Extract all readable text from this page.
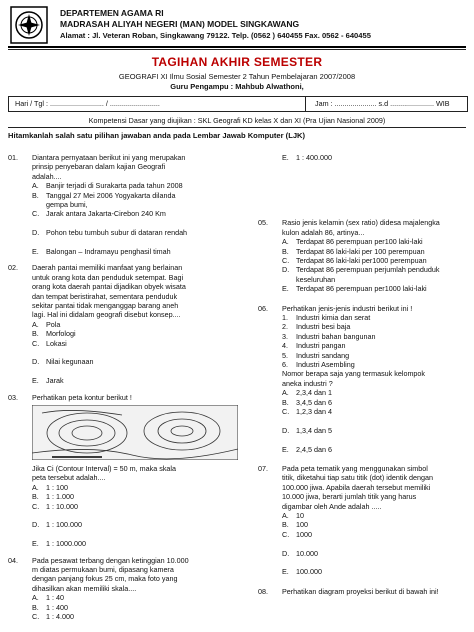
DEPARTEMEN AGAMA RI
MADRASAH ALIYAH NEGERI (MAN) MODEL SINGKAWANG
Alamat : Jl. Veteran Roban, Singkawang 79122. Telp. (0562 ) 640455 Fax. 0562 - 640455
TAGIHAN AKHIR SEMESTER
GEOGRAFI XI Ilmu Sosial Semester 2 Tahun Pembelajaran 2007/2008
Guru Pengampu : Mahbub Alwathoni,
Hari / Tgl : ........................... / .........................	Jam : ..................... s.d ...................... WIB
Kompetensi Dasar yang diujikan : SKL Geografi KD kelas X dan XI (Pra Ujian Nasional 2009)
Hitamkanlah salah satu pilihan jawaban anda pada Lembar Jawab Komputer (LJK)
01. Diantara pernyataan berikut ini yang merupakan
prinsip penyebaran dalam kajian Geografi
adalah....
A. Banjir terjadi di Surakarta pada tahun 2008
B. Tanggal 27 Mei 2006 Yogyakarta dilanda
gempa bumi,
C. Jarak antara Jakarta-Cirebon 240 Km
D. Pohon tebu tumbuh subur di dataran rendah
E. Balongan – Indramayu penghasil timah
02. Daerah pantai memiliki manfaat yang berlainan
untuk orang kota dan penduduk setempat. Bagi
orang kota daerah pantai dijadikan obyek wisata
dan tempat beristirahat, sementara penduduk
sekitar pantai tidak menganggap barang aneh
lagi. Hal ini didalam geografi disebut konsep....
A. Pola
B. Morfologi
C. Lokasi
D. Nilai kegunaan
E. Jarak
03. Perhatikan peta kontur berikut !
Jika Ci (Contour Interval) = 50 m, maka skala
peta tersebut adalah....
A. 1 : 100
B. 1 : 1.000
C. 1 : 10.000
D. 1 : 100.000
E. 1 : 1000.000
04. Pada pesawat terbang dengan ketinggian 10.000
m diatas permukaan bumi, dipasang kamera
dengan panjang fokus 25 cm, maka foto yang
dihasilkan akan memiliki skala....
A. 1 : 40
B. 1 : 400
C. 1 : 4.000
E. 1 : 400.000
05. Rasio jenis kelamin (sex ratio) didesa majalengka
kulon adalah 86, artinya...
A. Terdapat 86 perempuan per100 laki-laki
B. Terdapat 86 laki-laki per 100 perempuan
C. Terdapat 86 laki-laki per1000 perempuan
D. Terdapat 86 perempuan perjumlah penduduk
keseluruhan
E. Terdapat 86 perempuan per1000 laki-laki
06. Perhatikan jenis-jenis industri berikut ini !
1. Industri kimia dan serat
2. Industri besi baja
3. Industri bahan bangunan
4. Industri pangan
5. Industri sandang
6. Industri Asembling
Nomor berapa saja yang termasuk kelompok
aneka industri ?
A. 2,3,4 dan 1
B. 3,4,5 dan 6
C. 1,2,3 dan 4
D. 1,3,4 dan 5
E. 2,4,5 dan 6
07. Pada peta tematik yang menggunakan simbol
titik, diketahui tiap satu titik (dot) identik dengan
100.000 jiwa. Apabila daerah tersebut memiliki
10.000 jiwa, berarti jumlah titik yang harus
digambar oleh Ande adalah .....
A. 10
B. 100
C. 1000
D. 10.000
E. 100.000
08. Perhatikan diagram proyeksi berikut di bawah ini!
